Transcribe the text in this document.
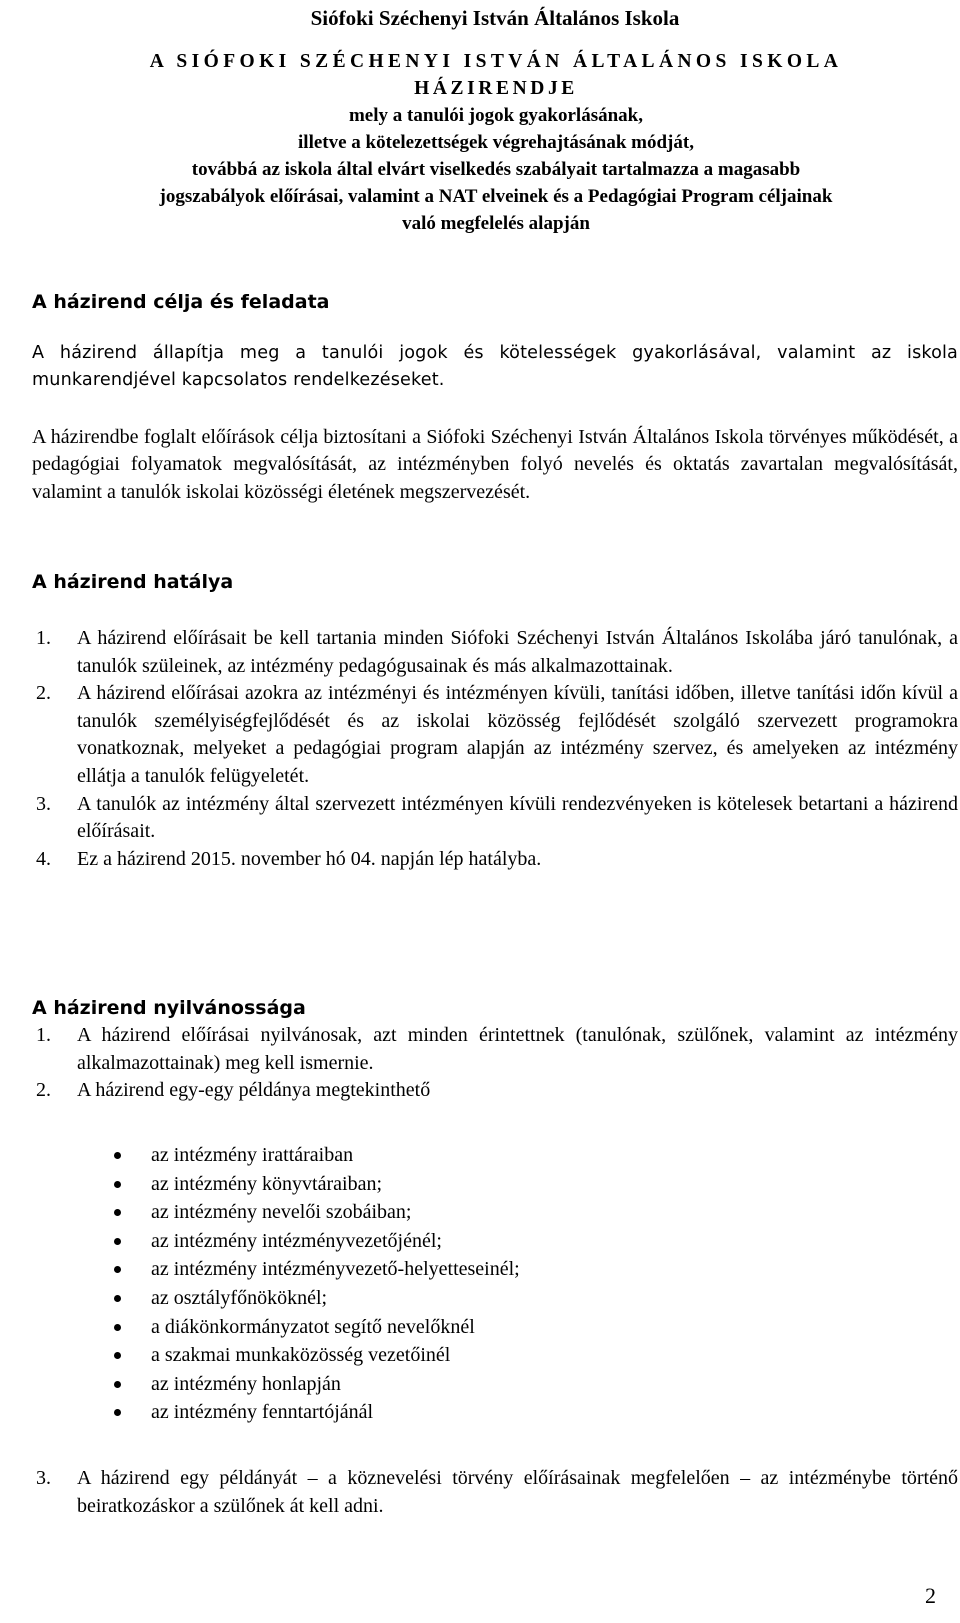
Siófoki Széchenyi István Általános Iskola
A SIÓFOKI SZÉCHENYI ISTVÁN ÁLTALÁNOS ISKOLA
HÁZIRENDJE
mely a tanulói jogok gyakorlásának,
illetve a kötelezettségek végrehajtásának módját,
továbbá az iskola által elvárt viselkedés szabályait tartalmazza a magasabb
jogszabályok előírásai, valamint a NAT elveinek és a Pedagógiai Program céljainak
való megfelelés alapján
A házirend célja és feladata
A házirend állapítja meg a tanulói jogok és kötelességek gyakorlásával, valamint az iskola munkarendjével kapcsolatos rendelkezéseket.
A házirendbe foglalt előírások célja biztosítani a Siófoki Széchenyi István Általános Iskola törvényes működését, a pedagógiai folyamatok megvalósítását, az intézményben folyó nevelés és oktatás zavartalan megvalósítását, valamint a tanulók iskolai közösségi életének megszervezését.
A házirend hatálya
1. A házirend előírásait be kell tartania minden Siófoki Széchenyi István Általános Iskolába járó tanulónak, a tanulók szüleinek, az intézmény pedagógusainak és más alkalmazottainak.
2. A házirend előírásai azokra az intézményi és intézményen kívüli, tanítási időben, illetve tanítási időn kívül a tanulók személyiségfejlődését és az iskolai közösség fejlődését szolgáló szervezett programokra vonatkoznak, melyeket a pedagógiai program alapján az intézmény szervez, és amelyeken az intézmény ellátja a tanulók felügyeletét.
3. A tanulók az intézmény által szervezett intézményen kívüli rendezvényeken is kötelesek betartani a házirend előírásait.
4. Ez a házirend 2015. november hó 04. napján lép hatályba.
A házirend nyilvánossága
1. A házirend előírásai nyilvánosak, azt minden érintettnek (tanulónak, szülőnek, valamint az intézmény alkalmazottainak) meg kell ismernie.
2. A házirend egy-egy példánya megtekinthető
az intézmény irattáraiban
az intézmény könyvtáraiban;
az intézmény nevelői szobáiban;
az intézmény intézményvezetőjénél;
az intézmény intézményvezető-helyetteseinél;
az osztályfőnököknél;
a diákönkormányzatot segítő nevelőknél
a szakmai munkaközösség vezetőinél
az intézmény honlapján
az intézmény fenntartójánál
3. A házirend egy példányát – a köznevelési törvény előírásainak megfelelően – az intézménybe történő beiratkozáskor a szülőnek át kell adni.
2
